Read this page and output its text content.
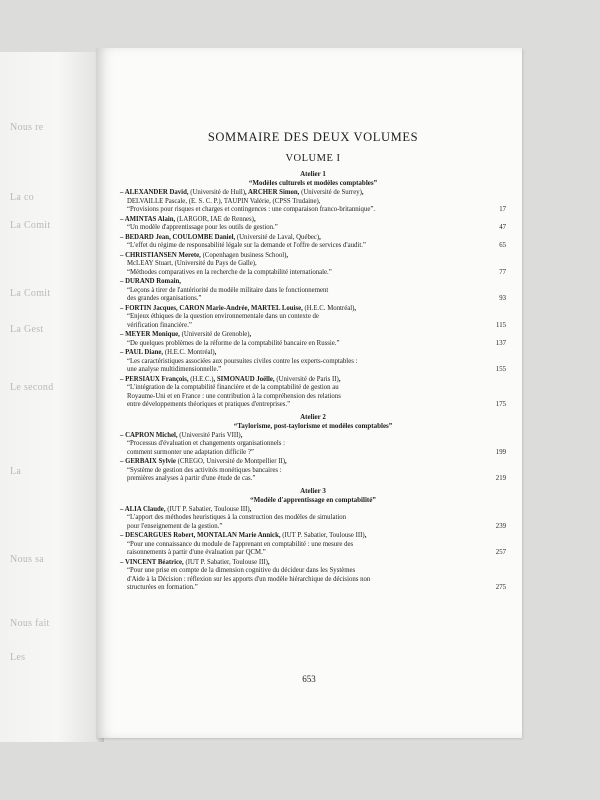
Nous re
La co
La Comit
La Comit
La Gest
Le second
La
Nous sa
Nous fait
Les
SOMMAIRE DES DEUX VOLUMES
VOLUME I
Atelier 1
“Modèles culturels et modèles comptables”
– ALEXANDER David, (Université de Hull), ARCHER Simon, (Université de Surrey),
DELVAILLE Pascale, (E. S. C. P.), TAUPIN Valérie, (CPSS Trudaine),
“Provisions pour risques et charges et contingences : une comparaison franco-britannique”.	17
– AMINTAS Alain, (LARGOR, IAE de Rennes),
“Un modèle d'apprentissage pour les outils de gestion.”	47
– BEDARD Jean, COULOMBE Daniel, (Université de Laval, Québec),
“L'effet du régime de responsabilité légale sur la demande et l'offre de services d'audit.”	65
– CHRISTIANSEN Merete, (Copenhagen business School),
McLEAY Stuart, (Université du Pays de Galle),
“Méthodes comparatives en la recherche de la comptabilité internationale.”	77
– DURAND Romain,
“Leçons à tirer de l'antériorité du modèle militaire dans le fonctionnement
des grandes organisations.”	93
– FORTIN Jacques, CARON Marie-Andrée, MARTEL Louise, (H.E.C. Montréal),
“Enjeux éthiques de la question environnementale dans un contexte de
vérification financière.”	115
– MEYER Monique, (Université de Grenoble),
“De quelques problèmes de la réforme de la comptabilité bancaire en Russie.”	137
– PAUL Diane, (H.E.C. Montréal),
“Les caractéristiques associées aux poursuites civiles contre les experts-comptables :
une analyse multidimensionnelle.”	155
– PERSIAUX François, (H.E.C.), SIMONAUD Joëlle, (Université de Paris II),
“L'intégration de la comptabilité financière et de la comptabilité de gestion au
Royaume-Uni et en France : une contribution à la compréhension des relations
entre développements théoriques et pratiques d'entreprises.”	175
Atelier 2
“Taylorisme, post-taylorisme et modèles comptables”
– CAPRON Michel, (Université Paris VIII),
“Processus d'évaluation et changements organisationnels :
comment surmonter une adaptation difficile ?”	199
– GERBAIX Sylvie (CREGO, Université de Montpellier II),
“Système de gestion des activités monétiques bancaires :
premières analyses à partir d'une étude de cas.”	219
Atelier 3
“Modèle d'apprentissage en comptabilité”
– ALIA Claude, (IUT P. Sabatier, Toulouse III),
“L'apport des méthodes heuristiques à la construction des modèles de simulation
pour l'enseignement de la gestion.”	239
– DESCARGUES Robert, MONTALAN Marie Annick, (IUT P. Sabatier, Toulouse III),
“Pour une connaissance du module de l'apprenant en comptabilité : une mesure des
raisonnements à partir d'une évaluation par QCM.”	257
– VINCENT Béatrice, (IUT P. Sabatier, Toulouse III),
“Pour une prise en compte de la dimension cognitive du décideur dans les Systèmes
d'Aide à la Décision : réflexion sur les apports d'un modèle hiérarchique de décisions non
structurées en formation.”	275
653
